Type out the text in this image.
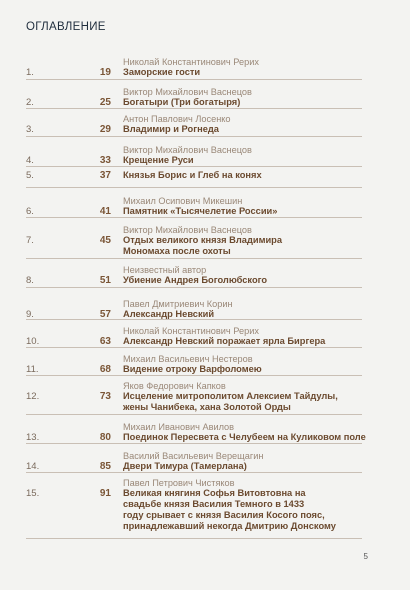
ОГЛАВЛЕНИЕ
1.	19
Николай Константинович Рерих
Заморские гости
2.	25
Виктор Михайлович Васнецов
Богатыри (Три богатыря)
3.	29
Антон Павлович Лосенко
Владимир и Рогнеда
4.	33
Виктор Михайлович Васнецов
Крещение Руси
5.	37 Князья Борис и Глеб на конях
6.	41
Михаил Осипович Микешин
Памятник «Тысячелетие России»
7.	45
Виктор Михайлович Васнецов
Отдых великого князя Владимира
Мономаха после охоты
8.	51
Неизвестный автор
Убиение Андрея Боголюбского
9.	57
Павел Дмитриевич Корин
Александр Невский
10.	63
Николай Константинович Рерих
Александр Невский поражает ярла Биргера
11.	68
Михаил Васильевич Нестеров
Видение отроку Варфоломею
12.	73
Яков Федорович Капков
Исцеление митрополитом Алексием Тайдулы,
жены Чанибека, хана Золотой Орды
13.	80
Михаил Иванович Авилов
Поединок Пересвета с Челубеем на Куликовом поле
14.	85
Василий Васильевич Верещагин
Двери Тимура (Тамерлана)
15.	91
Павел Петрович Чистяков
Великая княгиня Софья Витовтовна на
свадьбе князя Василия Темного в 1433
году срывает с князя Василия Косого пояс,
принадлежавший некогда Дмитрию Донскому
5
